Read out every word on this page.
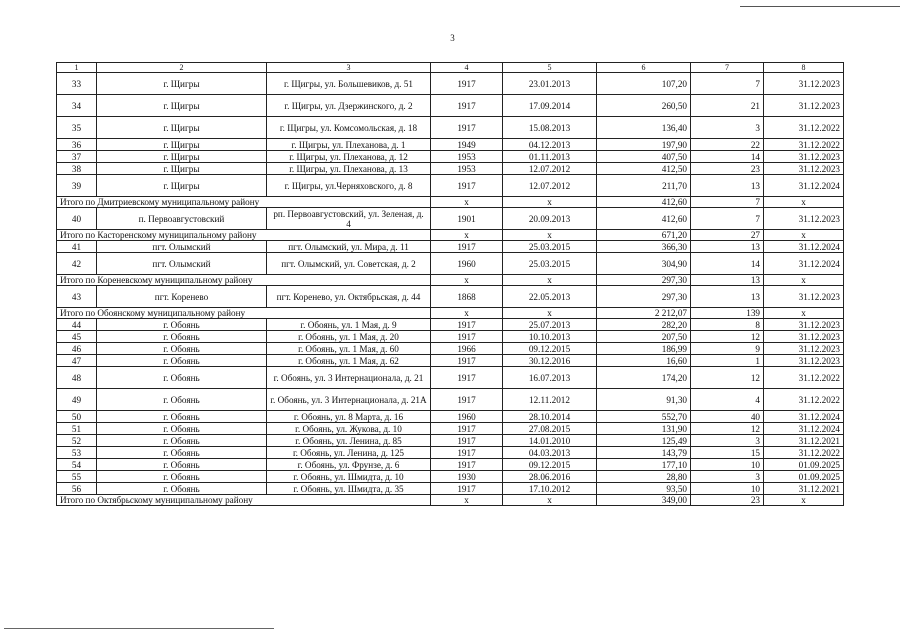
3
1	2	3	4	5	6	7	8
33	г. Щигры	г. Щигры, ул. Большевиков, д. 51	1917	23.01.2013	107,20	7	31.12.2023
34	г. Щигры	г. Щигры, ул. Дзержинского, д. 2	1917	17.09.2014	260,50	21	31.12.2023
35	г. Щигры	г. Щигры, ул. Комсомольская, д. 18	1917	15.08.2013	136,40	3	31.12.2022
36	г. Щигры	г. Щигры, ул. Плеханова, д. 1	1949	04.12.2013	197,90	22	31.12.2022
37	г. Щигры	г. Щигры, ул. Плеханова, д. 12	1953	01.11.2013	407,50	14	31.12.2023
38	г. Щигры	г. Щигры, ул. Плеханова, д. 13	1953	12.07.2012	412,50	23	31.12.2023
39	г. Щигры	г. Щигры, ул.Черняховского, д. 8	1917	12.07.2012	211,70	13	31.12.2024
Итого по Дмитриевскому муниципальному району			x	x	412,60	7	x
40	п. Первоавгустовский	рп. Первоавгустовский, ул. Зеленая, д. 4	1901	20.09.2013	412,60	7	31.12.2023
Итого по Касторенскому муниципальному району			x	x	671,20	27	x
41	пгт. Олымский	пгт. Олымский, ул. Мира, д. 11	1917	25.03.2015	366,30	13	31.12.2024
42	пгт. Олымский	пгт. Олымский, ул. Советская, д. 2	1960	25.03.2015	304,90	14	31.12.2024
Итого по Кореневскому муниципальному району			x	x	297,30	13	x
43	пгт. Коренево	пгт. Коренево, ул. Октябрьская, д. 44	1868	22.05.2013	297,30	13	31.12.2023
Итого по Обоянскому муниципальному району			x	x	2 212,07	139	x
44	г. Обоянь	г. Обоянь, ул. 1 Мая, д. 9	1917	25.07.2013	282,20	8	31.12.2023
45	г. Обоянь	г. Обоянь, ул. 1 Мая, д. 20	1917	10.10.2013	207,50	12	31.12.2023
46	г. Обоянь	г. Обоянь, ул. 1 Мая, д. 60	1966	09.12.2015	186,99	9	31.12.2023
47	г. Обоянь	г. Обоянь, ул. 1 Мая, д. 62	1917	30.12.2016	16,60	1	31.12.2023
48	г. Обоянь	г. Обоянь, ул. 3 Интернационала, д. 21	1917	16.07.2013	174,20	12	31.12.2022
49	г. Обоянь	г. Обоянь, ул. 3 Интернационала, д. 21А	1917	12.11.2012	91,30	4	31.12.2022
50	г. Обоянь	г. Обоянь, ул. 8 Марта, д. 16	1960	28.10.2014	552,70	40	31.12.2024
51	г. Обоянь	г. Обоянь, ул. Жукова, д. 10	1917	27.08.2015	131,90	12	31.12.2024
52	г. Обоянь	г. Обоянь, ул. Ленина, д. 85	1917	14.01.2010	125,49	3	31.12.2021
53	г. Обоянь	г. Обоянь, ул. Ленина, д. 125	1917	04.03.2013	143,79	15	31.12.2022
54	г. Обоянь	г. Обоянь, ул. Фрунзе, д. 6	1917	09.12.2015	177,10	10	01.09.2025
55	г. Обоянь	г. Обоянь, ул. Шмидта, д. 10	1930	28.06.2016	28,80	3	01.09.2025
56	г. Обоянь	г. Обоянь, ул. Шмидта, д. 35	1917	17.10.2012	93,50	10	31.12.2021
Итого по Октябрьскому муниципальному району			x	x	349,00	23	x
